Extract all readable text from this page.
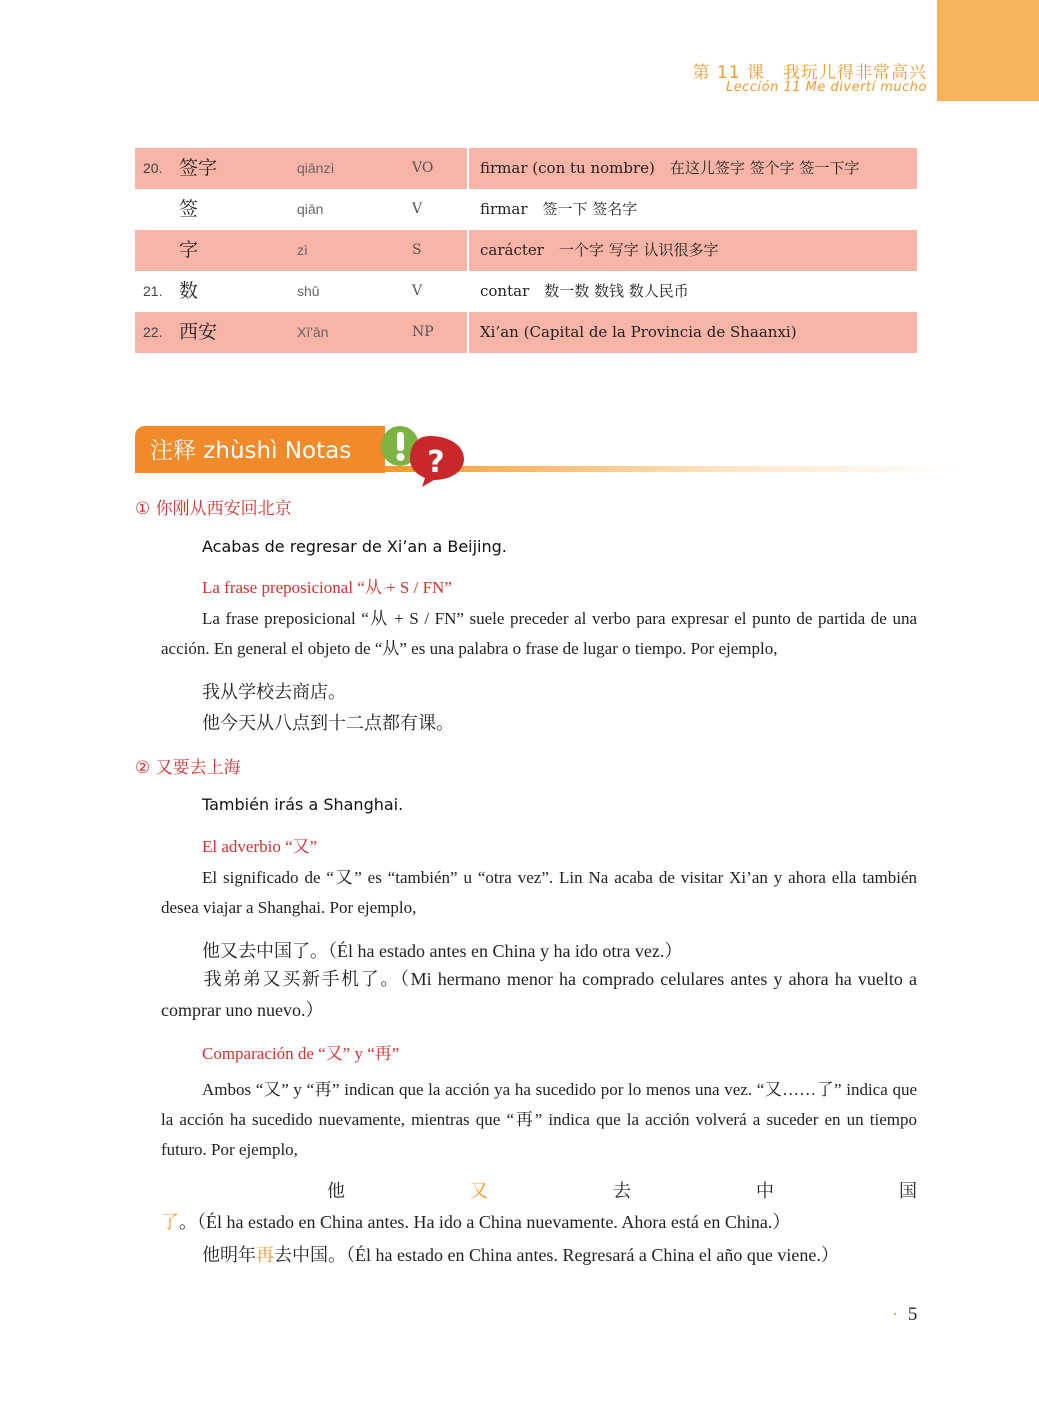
第 11 课　我玩儿得非常高兴
Lección 11 Me divertí mucho
20. 签字	qiānzì	VO	firmar (con tu nombre)　在这儿签字 签个字 签一下字
签	qiān	V	firmar　签一下 签名字
字	zì	S	carácter　一个字 写字 认识很多字
21. 数	shǔ	V	contar　数一数 数钱 数人民币
22. 西安	Xī'ān	NP	Xi’an (Capital de la Provincia de Shaanxi)
注释 zhùshì Notas	?
① 你刚从西安回北京
Acabas de regresar de Xi’an a Beijing.
La frase preposicional “从 + S / FN”
La frase preposicional “从 + S / FN” suele preceder al verbo para expresar el punto de partida de una acción. En general el objeto de “从” es una palabra o frase de lugar o tiempo. Por ejemplo,
我从学校去商店。
他今天从八点到十二点都有课。
② 又要去上海
También irás a Shanghai.
El adverbio “又”
El significado de “又” es “también” u “otra vez”. Lin Na acaba de visitar Xi’an y ahora ella también desea viajar a Shanghai. Por ejemplo,
他又去中国了。（Él ha estado antes en China y ha ido otra vez.）
我弟弟又买新手机了。（Mi hermano menor ha comprado celulares antes y ahora ha vuelto a comprar uno nuevo.）
Comparación de “又” y “再”
Ambos “又” y “再” indican que la acción ya ha sucedido por lo menos una vez. “又……了” indica que la acción ha sucedido nuevamente, mientras que “再” indica que la acción volverá a suceder en un tiempo futuro. Por ejemplo,
他又去中国了。（Él ha estado en China antes. Ha ido a China nuevamente. Ahora está en China.）
他明年再去中国。（Él ha estado en China antes. Regresará a China el año que viene.）
· 5
